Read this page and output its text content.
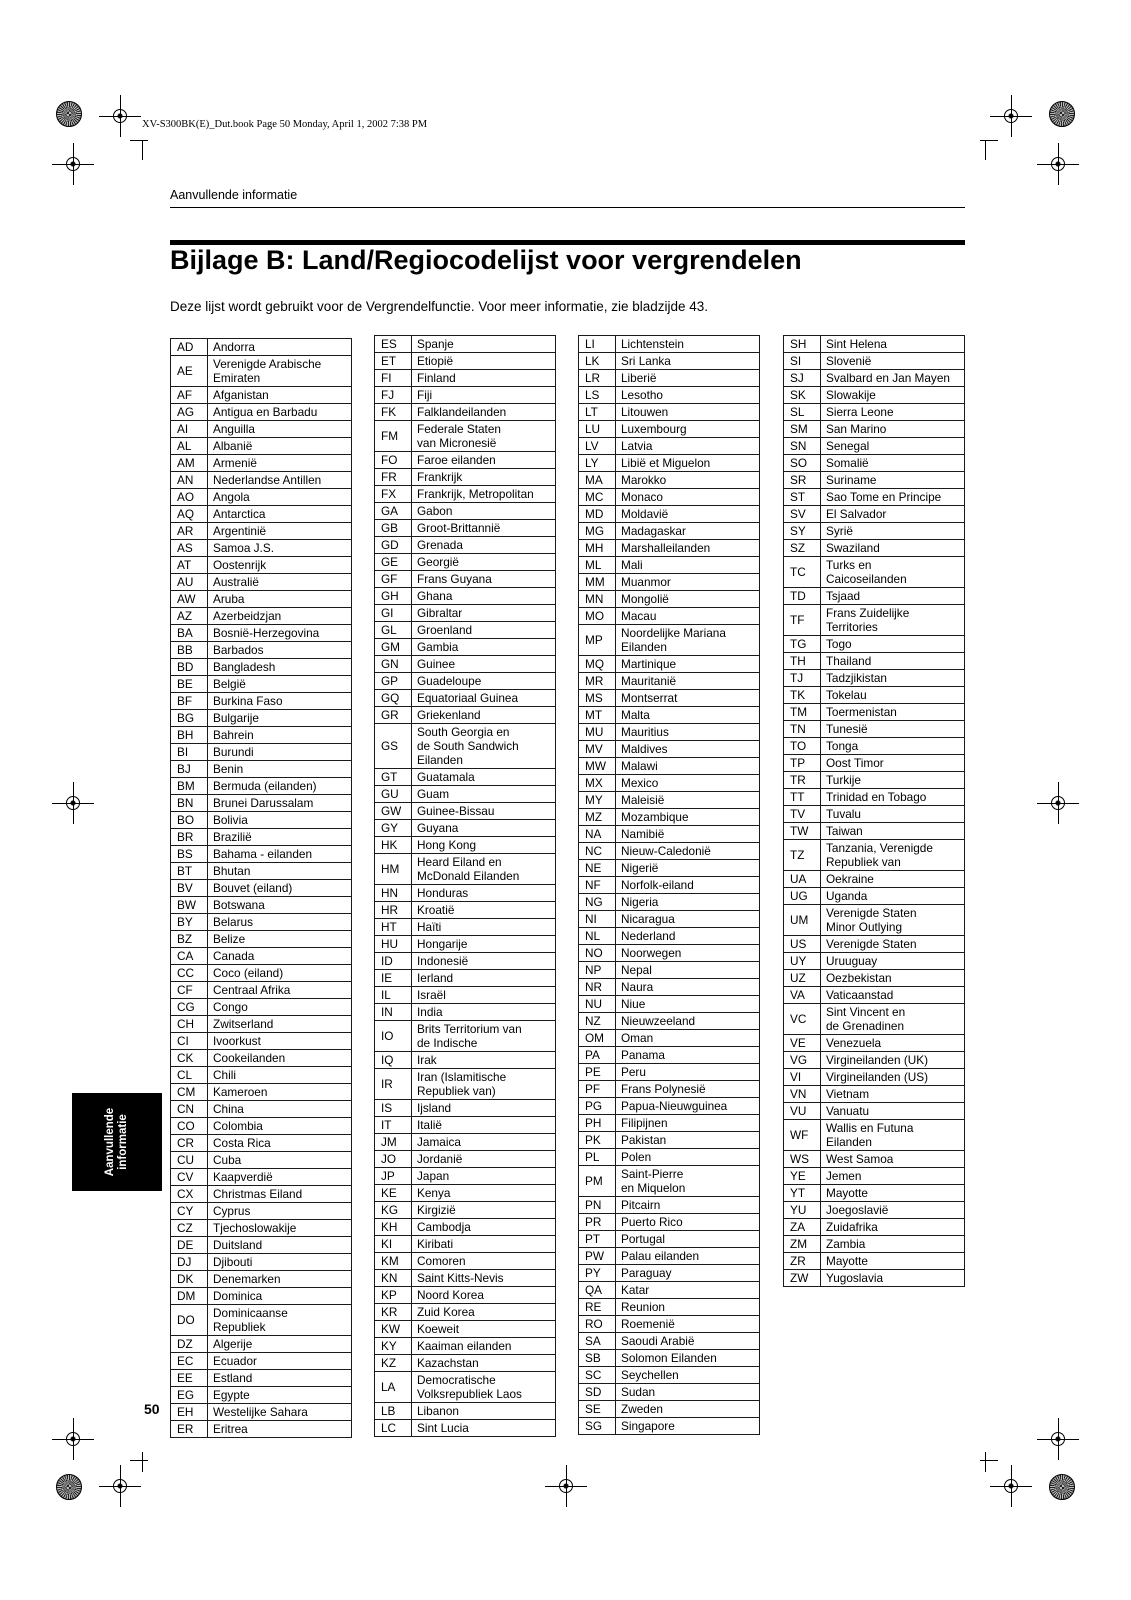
XV-S300BK(E)_Dut.book Page 50 Monday, April 1, 2002 7:38 PM
Aanvullende informatie
Bijlage B: Land/Regiocodelijst voor vergrendelen

Deze lijst wordt gebruikt voor de Vergrendelfunctie. Voor meer informatie, zie bladzijde 43.

AD	Andorra
AE	Verenigde Arabische
Emiraten
AF	Afganistan
AG	Antigua en Barbadu
AI	Anguilla
AL	Albanië
AM	Armenië
AN	Nederlandse Antillen
AO	Angola
AQ	Antarctica
AR	Argentinië
AS	Samoa J.S.
AT	Oostenrijk
AU	Australië
AW	Aruba
AZ	Azerbeidzjan
BA	Bosnië-Herzegovina
BB	Barbados
BD	Bangladesh
BE	België
BF	Burkina Faso
BG	Bulgarije
BH	Bahrein
BI	Burundi
BJ	Benin
BM	Bermuda (eilanden)
BN	Brunei Darussalam
BO	Bolivia
BR	Brazilië
BS	Bahama - eilanden
BT	Bhutan
BV	Bouvet (eiland)
BW	Botswana
BY	Belarus
BZ	Belize
CA	Canada
CC	Coco (eiland)
CF	Centraal Afrika
CG	Congo
CH	Zwitserland
CI	Ivoorkust
CK	Cookeilanden
CL	Chili
CM	Kameroen
CN	China
CO	Colombia
CR	Costa Rica
CU	Cuba
CV	Kaapverdië
CX	Christmas Eiland
CY	Cyprus
CZ	Tjechoslowakije
DE	Duitsland
DJ	Djibouti
DK	Denemarken
DM	Dominica
DO	Dominicaanse
Republiek
DZ	Algerije
EC	Ecuador
EE	Estland
EG	Egypte
EH	Westelijke Sahara
ER	Eritrea
ES	Spanje
ET	Etiopië
FI	Finland
FJ	Fiji
FK	Falklandeilanden
FM	Federale Staten
van Micronesië
FO	Faroe eilanden
FR	Frankrijk
FX	Frankrijk, Metropolitan
GA	Gabon
GB	Groot-Brittannië
GD	Grenada
GE	Georgië
GF	Frans Guyana
GH	Ghana
GI	Gibraltar
GL	Groenland
GM	Gambia
GN	Guinee
GP	Guadeloupe
GQ	Equatoriaal Guinea
GR	Griekenland
GS	South Georgia en
de South Sandwich
Eilanden
GT	Guatamala
GU	Guam
GW	Guinee-Bissau
GY	Guyana
HK	Hong Kong
HM	Heard Eiland en
McDonald Eilanden
HN	Honduras
HR	Kroatië
HT	Haïti
HU	Hongarije
ID	Indonesië
IE	Ierland
IL	Israël
IN	India
IO	Brits Territorium van
de Indische
IQ	Irak
IR	Iran (Islamitische
Republiek van)
IS	Ijsland
IT	Italië
JM	Jamaica
JO	Jordanië
JP	Japan
KE	Kenya
KG	Kirgizië
KH	Cambodja
KI	Kiribati
KM	Comoren
KN	Saint Kitts-Nevis
KP	Noord Korea
KR	Zuid Korea
KW	Koeweit
KY	Kaaiman eilanden
KZ	Kazachstan
LA	Democratische
Volksrepubliek Laos
LB	Libanon
LC	Sint Lucia
LI	Lichtenstein
LK	Sri Lanka
LR	Liberië
LS	Lesotho
LT	Litouwen
LU	Luxembourg
LV	Latvia
LY	Libië et Miguelon
MA	Marokko
MC	Monaco
MD	Moldavië
MG	Madagaskar
MH	Marshalleilanden
ML	Mali
MM	Muanmor
MN	Mongolië
MO	Macau
MP	Noordelijke Mariana
Eilanden
MQ	Martinique
MR	Mauritanië
MS	Montserrat
MT	Malta
MU	Mauritius
MV	Maldives
MW	Malawi
MX	Mexico
MY	Maleisië
MZ	Mozambique
NA	Namibië
NC	Nieuw-Caledonië
NE	Nigerië
NF	Norfolk-eiland
NG	Nigeria
NI	Nicaragua
NL	Nederland
NO	Noorwegen
NP	Nepal
NR	Naura
NU	Niue
NZ	Nieuwzeeland
OM	Oman
PA	Panama
PE	Peru
PF	Frans Polynesië
PG	Papua-Nieuwguinea
PH	Filipijnen
PK	Pakistan
PL	Polen
PM	Saint-Pierre
en Miquelon
PN	Pitcairn
PR	Puerto Rico
PT	Portugal
PW	Palau eilanden
PY	Paraguay
QA	Katar
RE	Reunion
RO	Roemenië
SA	Saoudi Arabië
SB	Solomon Eilanden
SC	Seychellen
SD	Sudan
SE	Zweden
SG	Singapore
SH	Sint Helena
SI	Slovenië
SJ	Svalbard en Jan Mayen
SK	Slowakije
SL	Sierra Leone
SM	San Marino
SN	Senegal
SO	Somalië
SR	Suriname
ST	Sao Tome en Principe
SV	El Salvador
SY	Syrië
SZ	Swaziland
TC	Turks en
Caicoseilanden
TD	Tsjaad
TF	Frans Zuidelijke
Territories
TG	Togo
TH	Thailand
TJ	Tadzjikistan
TK	Tokelau
TM	Toermenistan
TN	Tunesië
TO	Tonga
TP	Oost Timor
TR	Turkije
TT	Trinidad en Tobago
TV	Tuvalu
TW	Taiwan
TZ	Tanzania, Verenigde
Republiek van
UA	Oekraine
UG	Uganda
UM	Verenigde Staten
Minor Outlying
US	Verenigde Staten
UY	Uruuguay
UZ	Oezbekistan
VA	Vaticaanstad
VC	Sint Vincent en
de Grenadinen
VE	Venezuela
VG	Virgineilanden (UK)
VI	Virgineilanden (US)
VN	Vietnam
VU	Vanuatu
WF	Wallis en Futuna
Eilanden
WS	West Samoa
YE	Jemen
YT	Mayotte
YU	Joegoslavië
ZA	Zuidafrika
ZM	Zambia
ZR	Mayotte
ZW	Yugoslavia
Aanvullende informatie
50
